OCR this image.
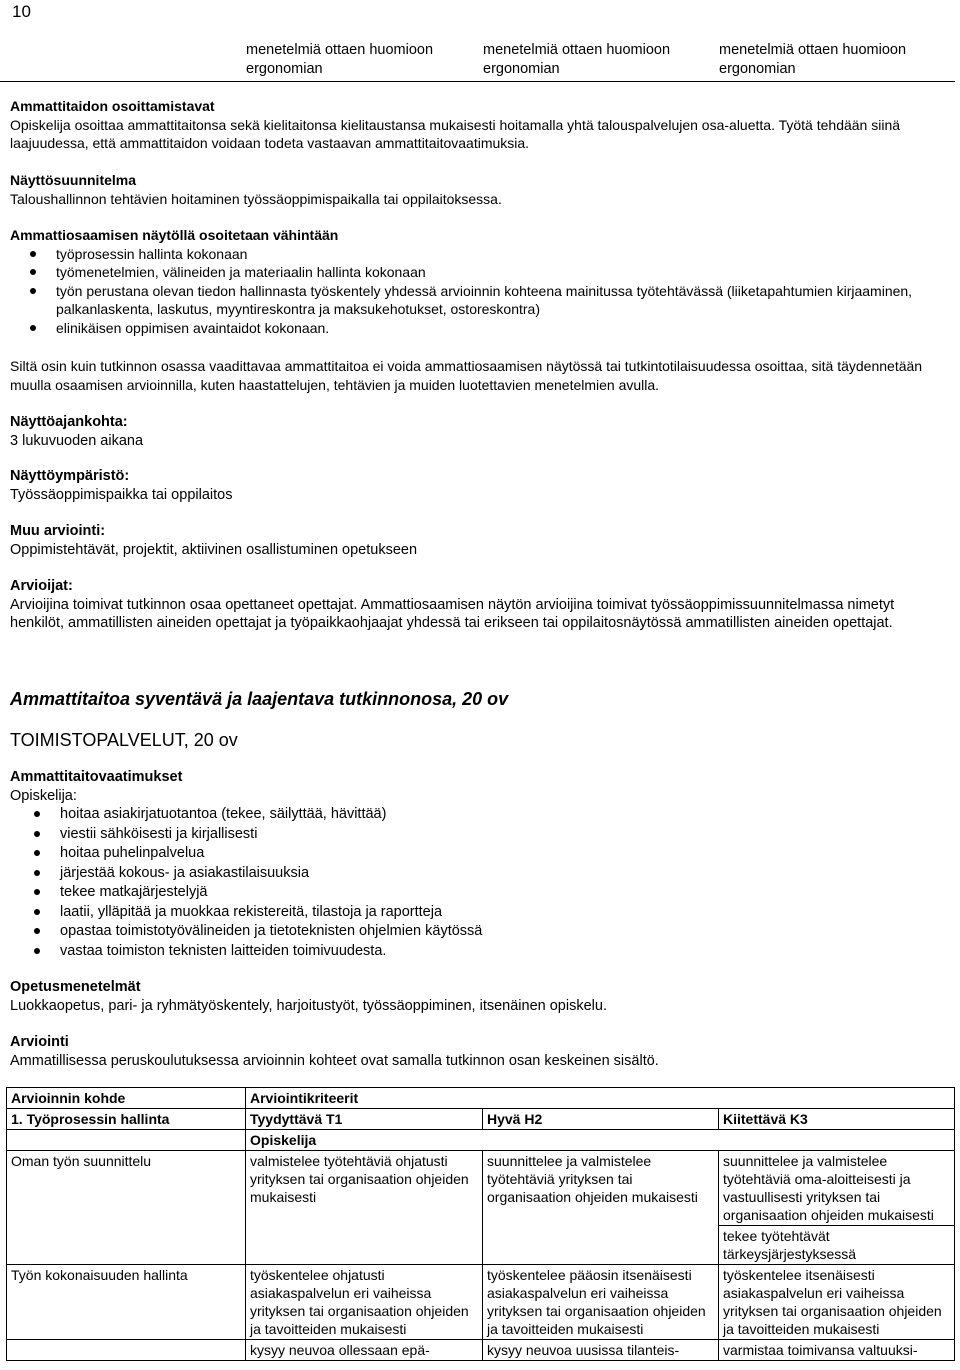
10

	menetelmiä ottaen huomioon ergonomian	menetelmiä ottaen huomioon ergonomian	menetelmiä ottaen huomioon ergonomian

Ammattitaidon osoittamistavat

Opiskelija osoittaa ammattitaitonsa sekä kielitaitonsa kielitaustansa mukaisesti hoitamalla yhtä talouspalvelujen osa-aluetta. Työtä tehdään siinä laajuudessa, että ammattitaidon voidaan todeta vastaavan ammattitaitovaatimuksia.

Näyttösuunnitelma

Taloushallinnon tehtävien hoitaminen työssäoppimispaikalla tai oppilaitoksessa.

Ammattiosaamisen näytöllä osoitetaan vähintään

työprosessin hallinta kokonaan
työmenetelmien, välineiden ja materiaalin hallinta kokonaan
työn perustana olevan tiedon hallinnasta työskentely yhdessä arvioinnin kohteena mainitussa työtehtävässä (liiketapahtumien kirjaaminen, palkanlaskenta, laskutus, myyntireskontra ja maksukehotukset, ostoreskontra)
elinikäisen oppimisen avaintaidot kokonaan.

Siltä osin kuin tutkinnon osassa vaadittavaa ammattitaitoa ei voida ammattiosaamisen näytössä tai tutkintotilaisuudessa osoittaa, sitä täydennetään muulla osaamisen arvioinnilla, kuten haastattelujen, tehtävien ja muiden luotettavien menetelmien avulla.

Näyttöajankohta:

3 lukuvuoden aikana

Näyttöympäristö:

Työssäoppimispaikka tai oppilaitos

Muu arviointi:

Oppimistehtävät, projektit, aktiivinen osallistuminen opetukseen

Arvioijat:

Arvioijina toimivat tutkinnon osaa opettaneet opettajat. Ammattiosaamisen näytön arvioijina toimivat työssäoppimissuunnitelmassa nimetyt henkilöt, ammatillisten aineiden opettajat ja työpaikkaohjaajat yhdessä tai erikseen tai oppilaitosnäytössä ammatillisten aineiden opettajat.

Ammattitaitoa syventävä ja laajentava tutkinnonosa, 20 ov

TOIMISTOPALVELUT, 20 ov

Ammattitaitovaatimukset

Opiskelija:

hoitaa asiakirjatuotantoa (tekee, säilyttää, hävittää)
viestii sähköisesti ja kirjallisesti
hoitaa puhelinpalvelua
järjestää kokous- ja asiakastilaisuuksia
tekee matkajärjestelyjä
laatii, ylläpitää ja muokkaa rekistereitä, tilastoja ja raportteja
opastaa toimistotyövälineiden ja tietoteknisten ohjelmien käytössä
vastaa toimiston teknisten laitteiden toimivuudesta.

Opetusmenetelmät

Luokkaopetus, pari- ja ryhmätyöskentely, harjoitustyöt, työssäoppiminen, itsenäinen opiskelu.

Arviointi

Ammatillisessa peruskoulutuksessa arvioinnin kohteet ovat samalla tutkinnon osan keskeinen sisältö.

Arvioinnin kohde	Arviointikriteerit		
1. Työprosessin hallinta	Tyydyttävä T1	Hyvä H2	Kiitettävä K3
	Opiskelija		
Oman työn suunnittelu	valmistelee työtehtäviä ohjatusti yrityksen tai organisaation ohjeiden mukaisesti	suunnittelee ja valmistelee työtehtäviä yrityksen tai organisaation ohjeiden mukaisesti	suunnittelee ja valmistelee työtehtäviä oma-aloitteisesti ja vastuullisesti yrityksen tai organisaation ohjeiden mukaisesti
			tekee työtehtävät tärkeysjärjestyksessä
Työn kokonaisuuden hallinta	työskentelee ohjatusti asiakaspalvelun eri vaiheissa yrityksen tai organisaation ohjeiden ja tavoitteiden mukaisesti	työskentelee pääosin itsenäisesti asiakaspalvelun eri vaiheissa yrityksen tai organisaation ohjeiden ja tavoitteiden mukaisesti	työskentelee itsenäisesti asiakaspalvelun eri vaiheissa yrityksen tai organisaation ohjeiden ja tavoitteiden mukaisesti
	kysyy neuvoa ollessaan epä-	kysyy neuvoa uusissa tilanteis-	varmistaa toimivansa valtuuksi-
